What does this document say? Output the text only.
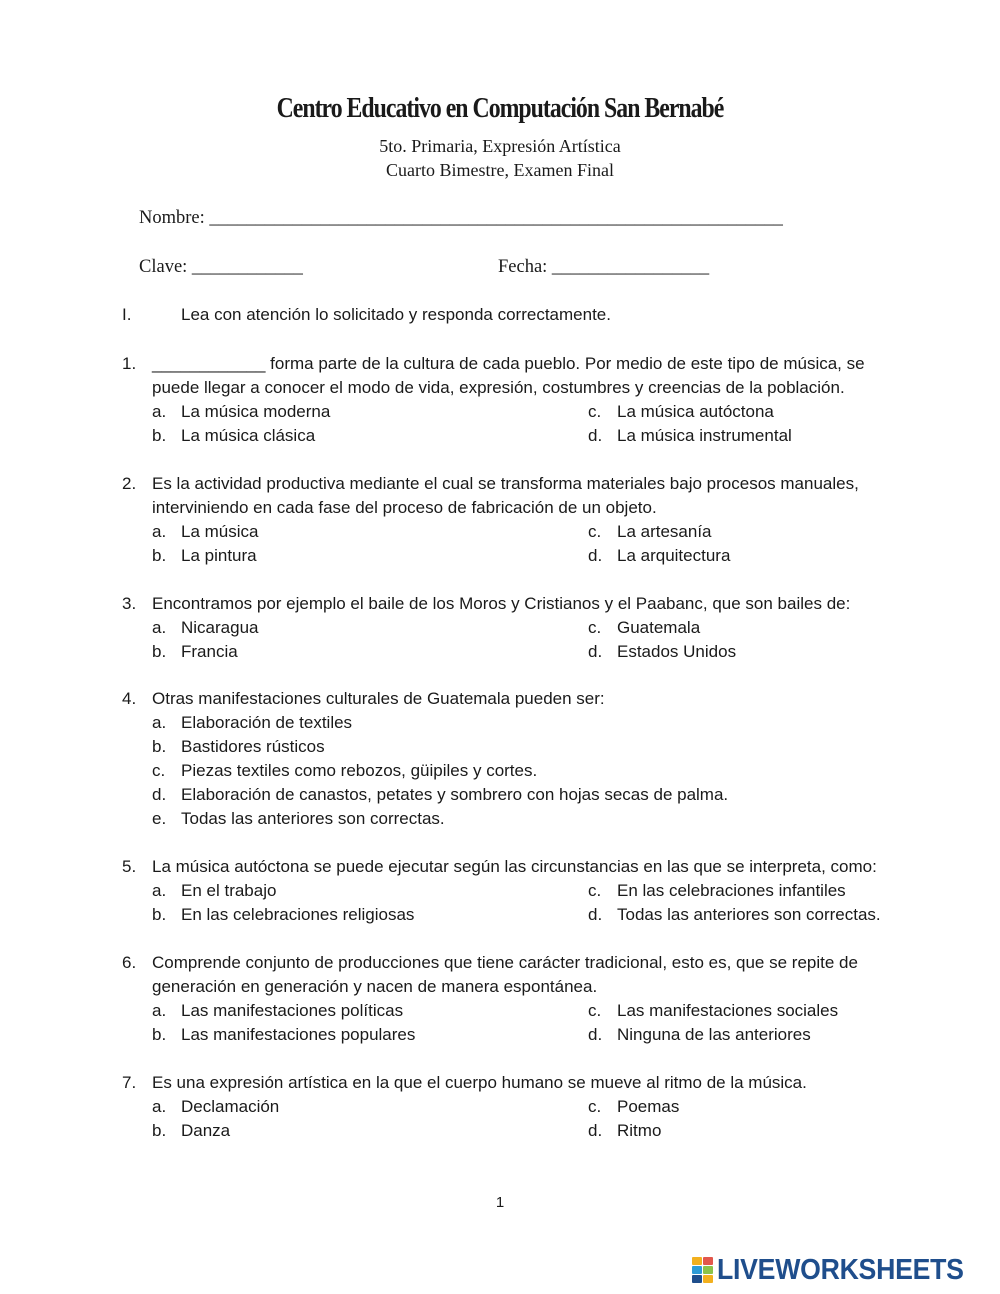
Centro Educativo en Computación San Bernabé
5to. Primaria, Expresión Artística
Cuarto Bimestre, Examen Final
Nombre: ______________________________________________________________
Clave: ____________	Fecha: _________________
I.	Lea con atención lo solicitado y responda correctamente.
1. ____________ forma parte de la cultura de cada pueblo. Por medio de este tipo de música, se
puede llegar a conocer el modo de vida, expresión, costumbres y creencias de la población.
a. La música moderna
b. La música clásica
c. La música autóctona
d. La música instrumental
2. Es la actividad productiva mediante el cual se transforma materiales bajo procesos manuales,
interviniendo en cada fase del proceso de fabricación de un objeto.
a. La música
b. La pintura
c. La artesanía
d. La arquitectura
3. Encontramos por ejemplo el baile de los Moros y Cristianos y el Paabanc, que son bailes de:
a. Nicaragua
b. Francia
c. Guatemala
d. Estados Unidos
4. Otras manifestaciones culturales de Guatemala pueden ser:
a. Elaboración de textiles
b. Bastidores rústicos
c. Piezas textiles como rebozos, güipiles y cortes.
d. Elaboración de canastos, petates y sombrero con hojas secas de palma.
e. Todas las anteriores son correctas.
5. La música autóctona se puede ejecutar según las circunstancias en las que se interpreta, como:
a. En el trabajo
b. En las celebraciones religiosas
c. En las celebraciones infantiles
d. Todas las anteriores son correctas.
6. Comprende conjunto de producciones que tiene carácter tradicional, esto es, que se repite de
generación en generación y nacen de manera espontánea.
a. Las manifestaciones políticas
b. Las manifestaciones populares
c. Las manifestaciones sociales
d. Ninguna de las anteriores
7. Es una expresión artística en la que el cuerpo humano se mueve al ritmo de la música.
a. Declamación
b. Danza
c. Poemas
d. Ritmo
1
LIVEWORKSHEETS
